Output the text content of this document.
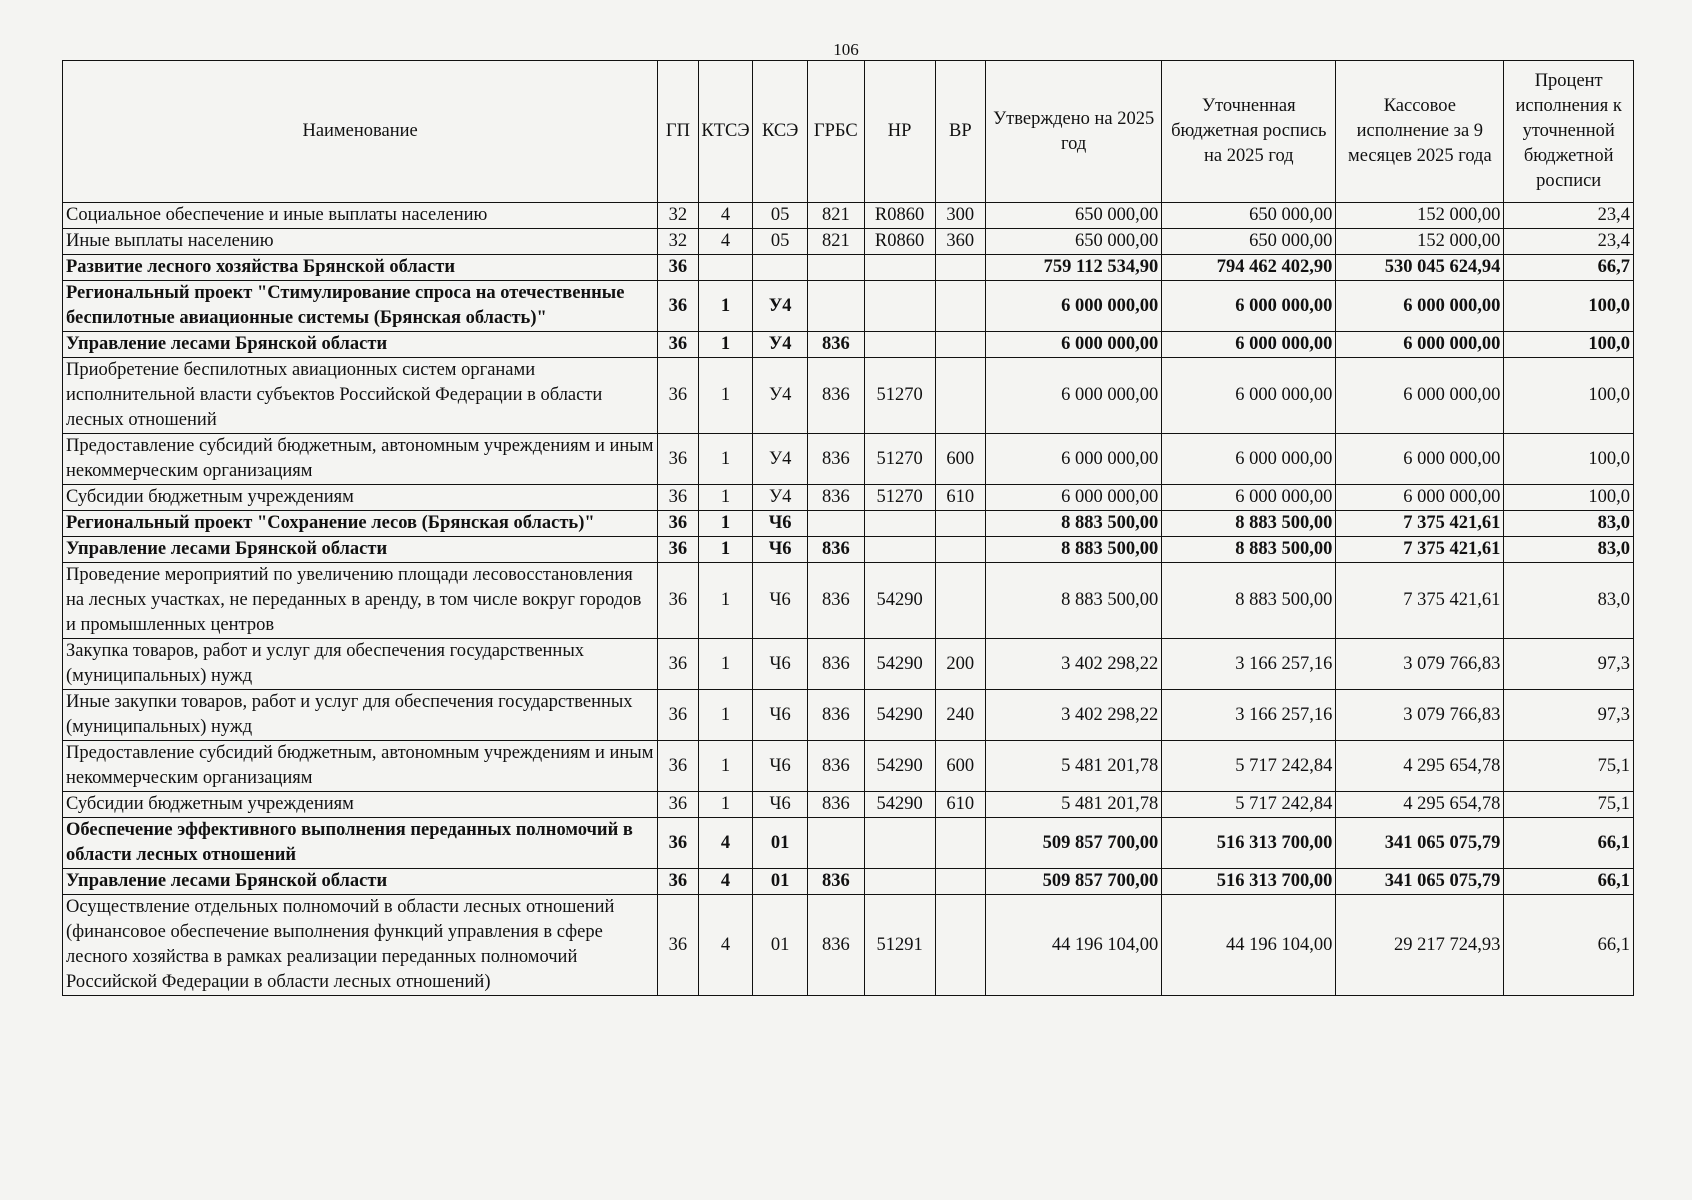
106
Наименование	ГП	КТСЭ	КСЭ	ГРБС	НР	ВР	Утверждено на 2025 год	Уточненная бюджетная роспись на 2025 год	Кассовое исполнение за 9 месяцев 2025 года	Процент исполнения к уточненной бюджетной росписи
Социальное обеспечение и иные выплаты населению	32	4	05	821	R0860	300	650 000,00	650 000,00	152 000,00	23,4
Иные выплаты населению	32	4	05	821	R0860	360	650 000,00	650 000,00	152 000,00	23,4
Развитие лесного хозяйства Брянской области	36						759 112 534,90	794 462 402,90	530 045 624,94	66,7
Региональный проект "Стимулирование спроса на отечественные беспилотные авиационные системы (Брянская область)"	36	1	У4				6 000 000,00	6 000 000,00	6 000 000,00	100,0
Управление лесами Брянской области	36	1	У4	836			6 000 000,00	6 000 000,00	6 000 000,00	100,0
Приобретение беспилотных авиационных систем органами исполнительной власти субъектов Российской Федерации в области лесных отношений	36	1	У4	836	51270		6 000 000,00	6 000 000,00	6 000 000,00	100,0
Предоставление субсидий бюджетным, автономным учреждениям и иным некоммерческим организациям	36	1	У4	836	51270	600	6 000 000,00	6 000 000,00	6 000 000,00	100,0
Субсидии бюджетным учреждениям	36	1	У4	836	51270	610	6 000 000,00	6 000 000,00	6 000 000,00	100,0
Региональный проект "Сохранение лесов (Брянская область)"	36	1	Ч6				8 883 500,00	8 883 500,00	7 375 421,61	83,0
Управление лесами Брянской области	36	1	Ч6	836			8 883 500,00	8 883 500,00	7 375 421,61	83,0
Проведение мероприятий по увеличению площади лесовосстановления на лесных участках, не переданных в аренду, в том числе вокруг городов и промышленных центров	36	1	Ч6	836	54290		8 883 500,00	8 883 500,00	7 375 421,61	83,0
Закупка товаров, работ и услуг для обеспечения государственных (муниципальных) нужд	36	1	Ч6	836	54290	200	3 402 298,22	3 166 257,16	3 079 766,83	97,3
Иные закупки товаров, работ и услуг для обеспечения государственных (муниципальных) нужд	36	1	Ч6	836	54290	240	3 402 298,22	3 166 257,16	3 079 766,83	97,3
Предоставление субсидий бюджетным, автономным учреждениям и иным некоммерческим организациям	36	1	Ч6	836	54290	600	5 481 201,78	5 717 242,84	4 295 654,78	75,1
Субсидии бюджетным учреждениям	36	1	Ч6	836	54290	610	5 481 201,78	5 717 242,84	4 295 654,78	75,1
Обеспечение эффективного выполнения переданных полномочий в области лесных отношений	36	4	01				509 857 700,00	516 313 700,00	341 065 075,79	66,1
Управление лесами Брянской области	36	4	01	836			509 857 700,00	516 313 700,00	341 065 075,79	66,1
Осуществление отдельных полномочий в области лесных отношений (финансовое обеспечение выполнения функций управления в сфере лесного хозяйства в рамках реализации переданных полномочий Российской Федерации в области лесных отношений)	36	4	01	836	51291		44 196 104,00	44 196 104,00	29 217 724,93	66,1
